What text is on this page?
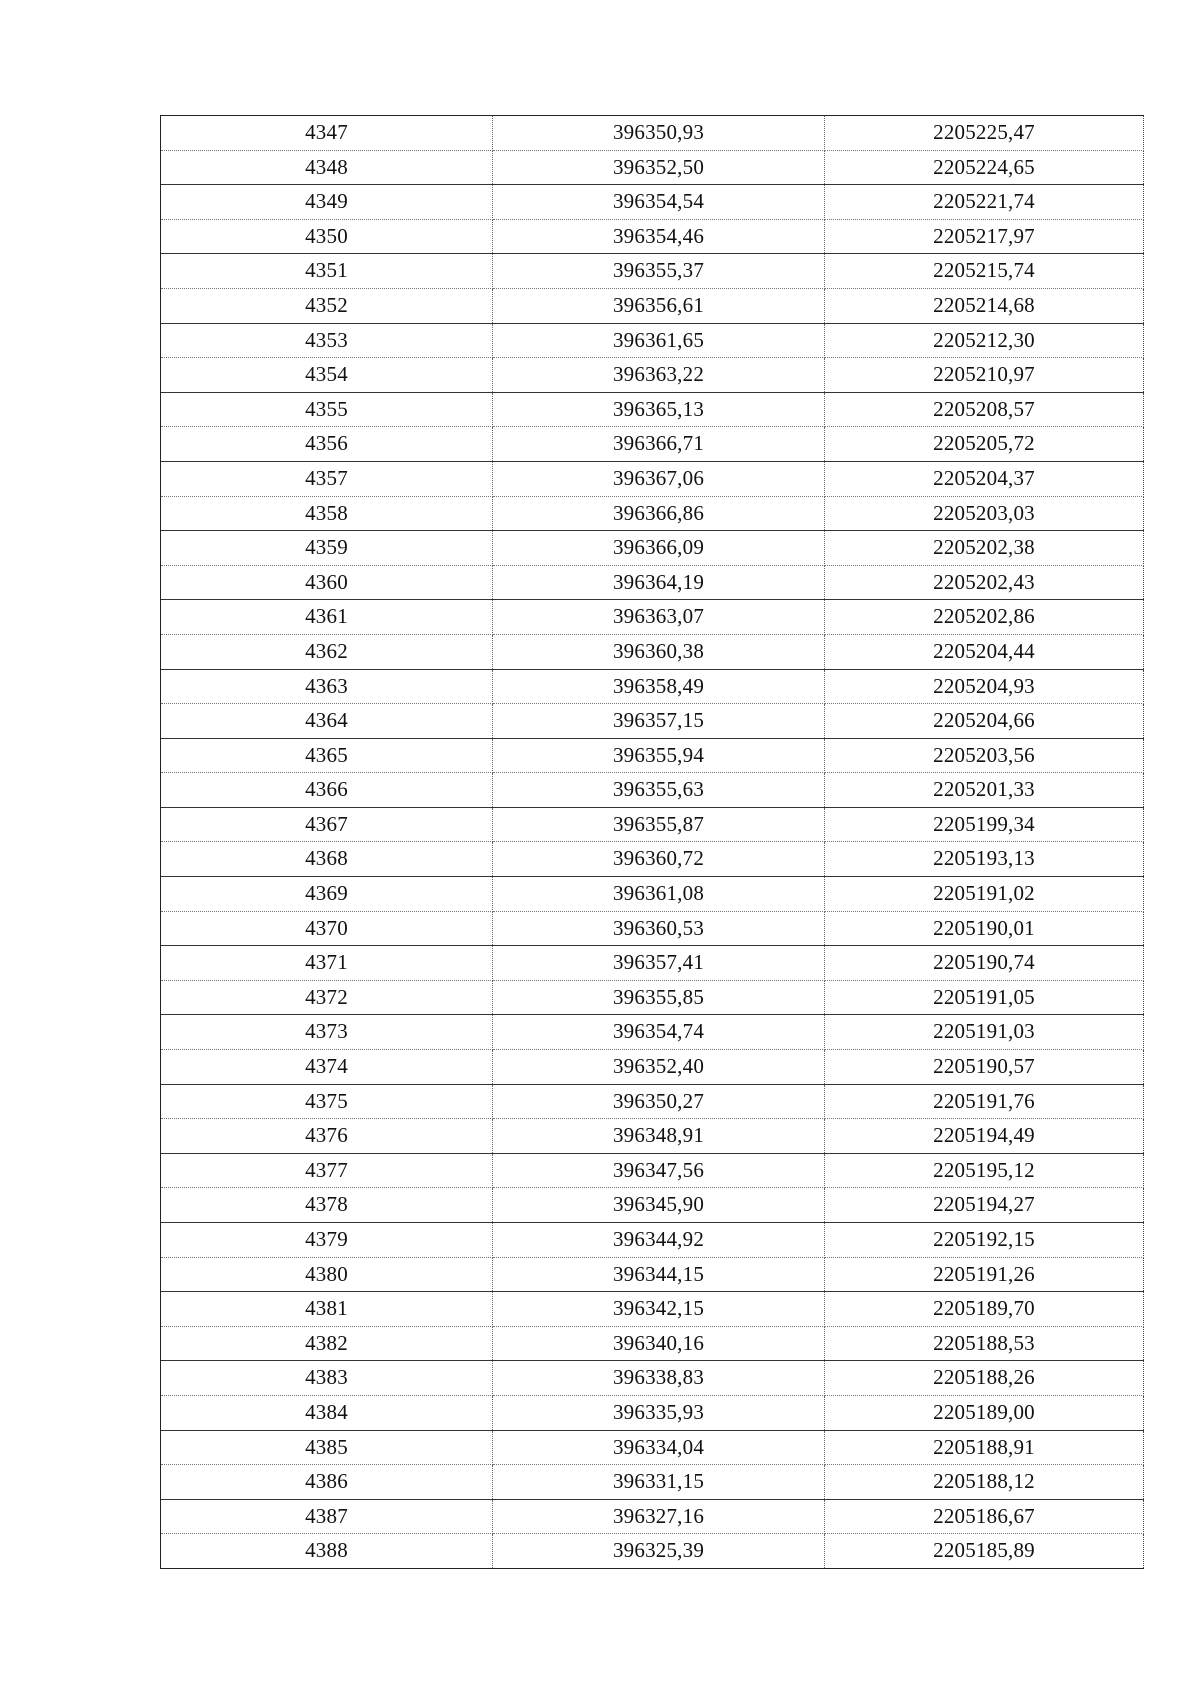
4347	396350,93	2205225,47
4348	396352,50	2205224,65
4349	396354,54	2205221,74
4350	396354,46	2205217,97
4351	396355,37	2205215,74
4352	396356,61	2205214,68
4353	396361,65	2205212,30
4354	396363,22	2205210,97
4355	396365,13	2205208,57
4356	396366,71	2205205,72
4357	396367,06	2205204,37
4358	396366,86	2205203,03
4359	396366,09	2205202,38
4360	396364,19	2205202,43
4361	396363,07	2205202,86
4362	396360,38	2205204,44
4363	396358,49	2205204,93
4364	396357,15	2205204,66
4365	396355,94	2205203,56
4366	396355,63	2205201,33
4367	396355,87	2205199,34
4368	396360,72	2205193,13
4369	396361,08	2205191,02
4370	396360,53	2205190,01
4371	396357,41	2205190,74
4372	396355,85	2205191,05
4373	396354,74	2205191,03
4374	396352,40	2205190,57
4375	396350,27	2205191,76
4376	396348,91	2205194,49
4377	396347,56	2205195,12
4378	396345,90	2205194,27
4379	396344,92	2205192,15
4380	396344,15	2205191,26
4381	396342,15	2205189,70
4382	396340,16	2205188,53
4383	396338,83	2205188,26
4384	396335,93	2205189,00
4385	396334,04	2205188,91
4386	396331,15	2205188,12
4387	396327,16	2205186,67
4388	396325,39	2205185,89
